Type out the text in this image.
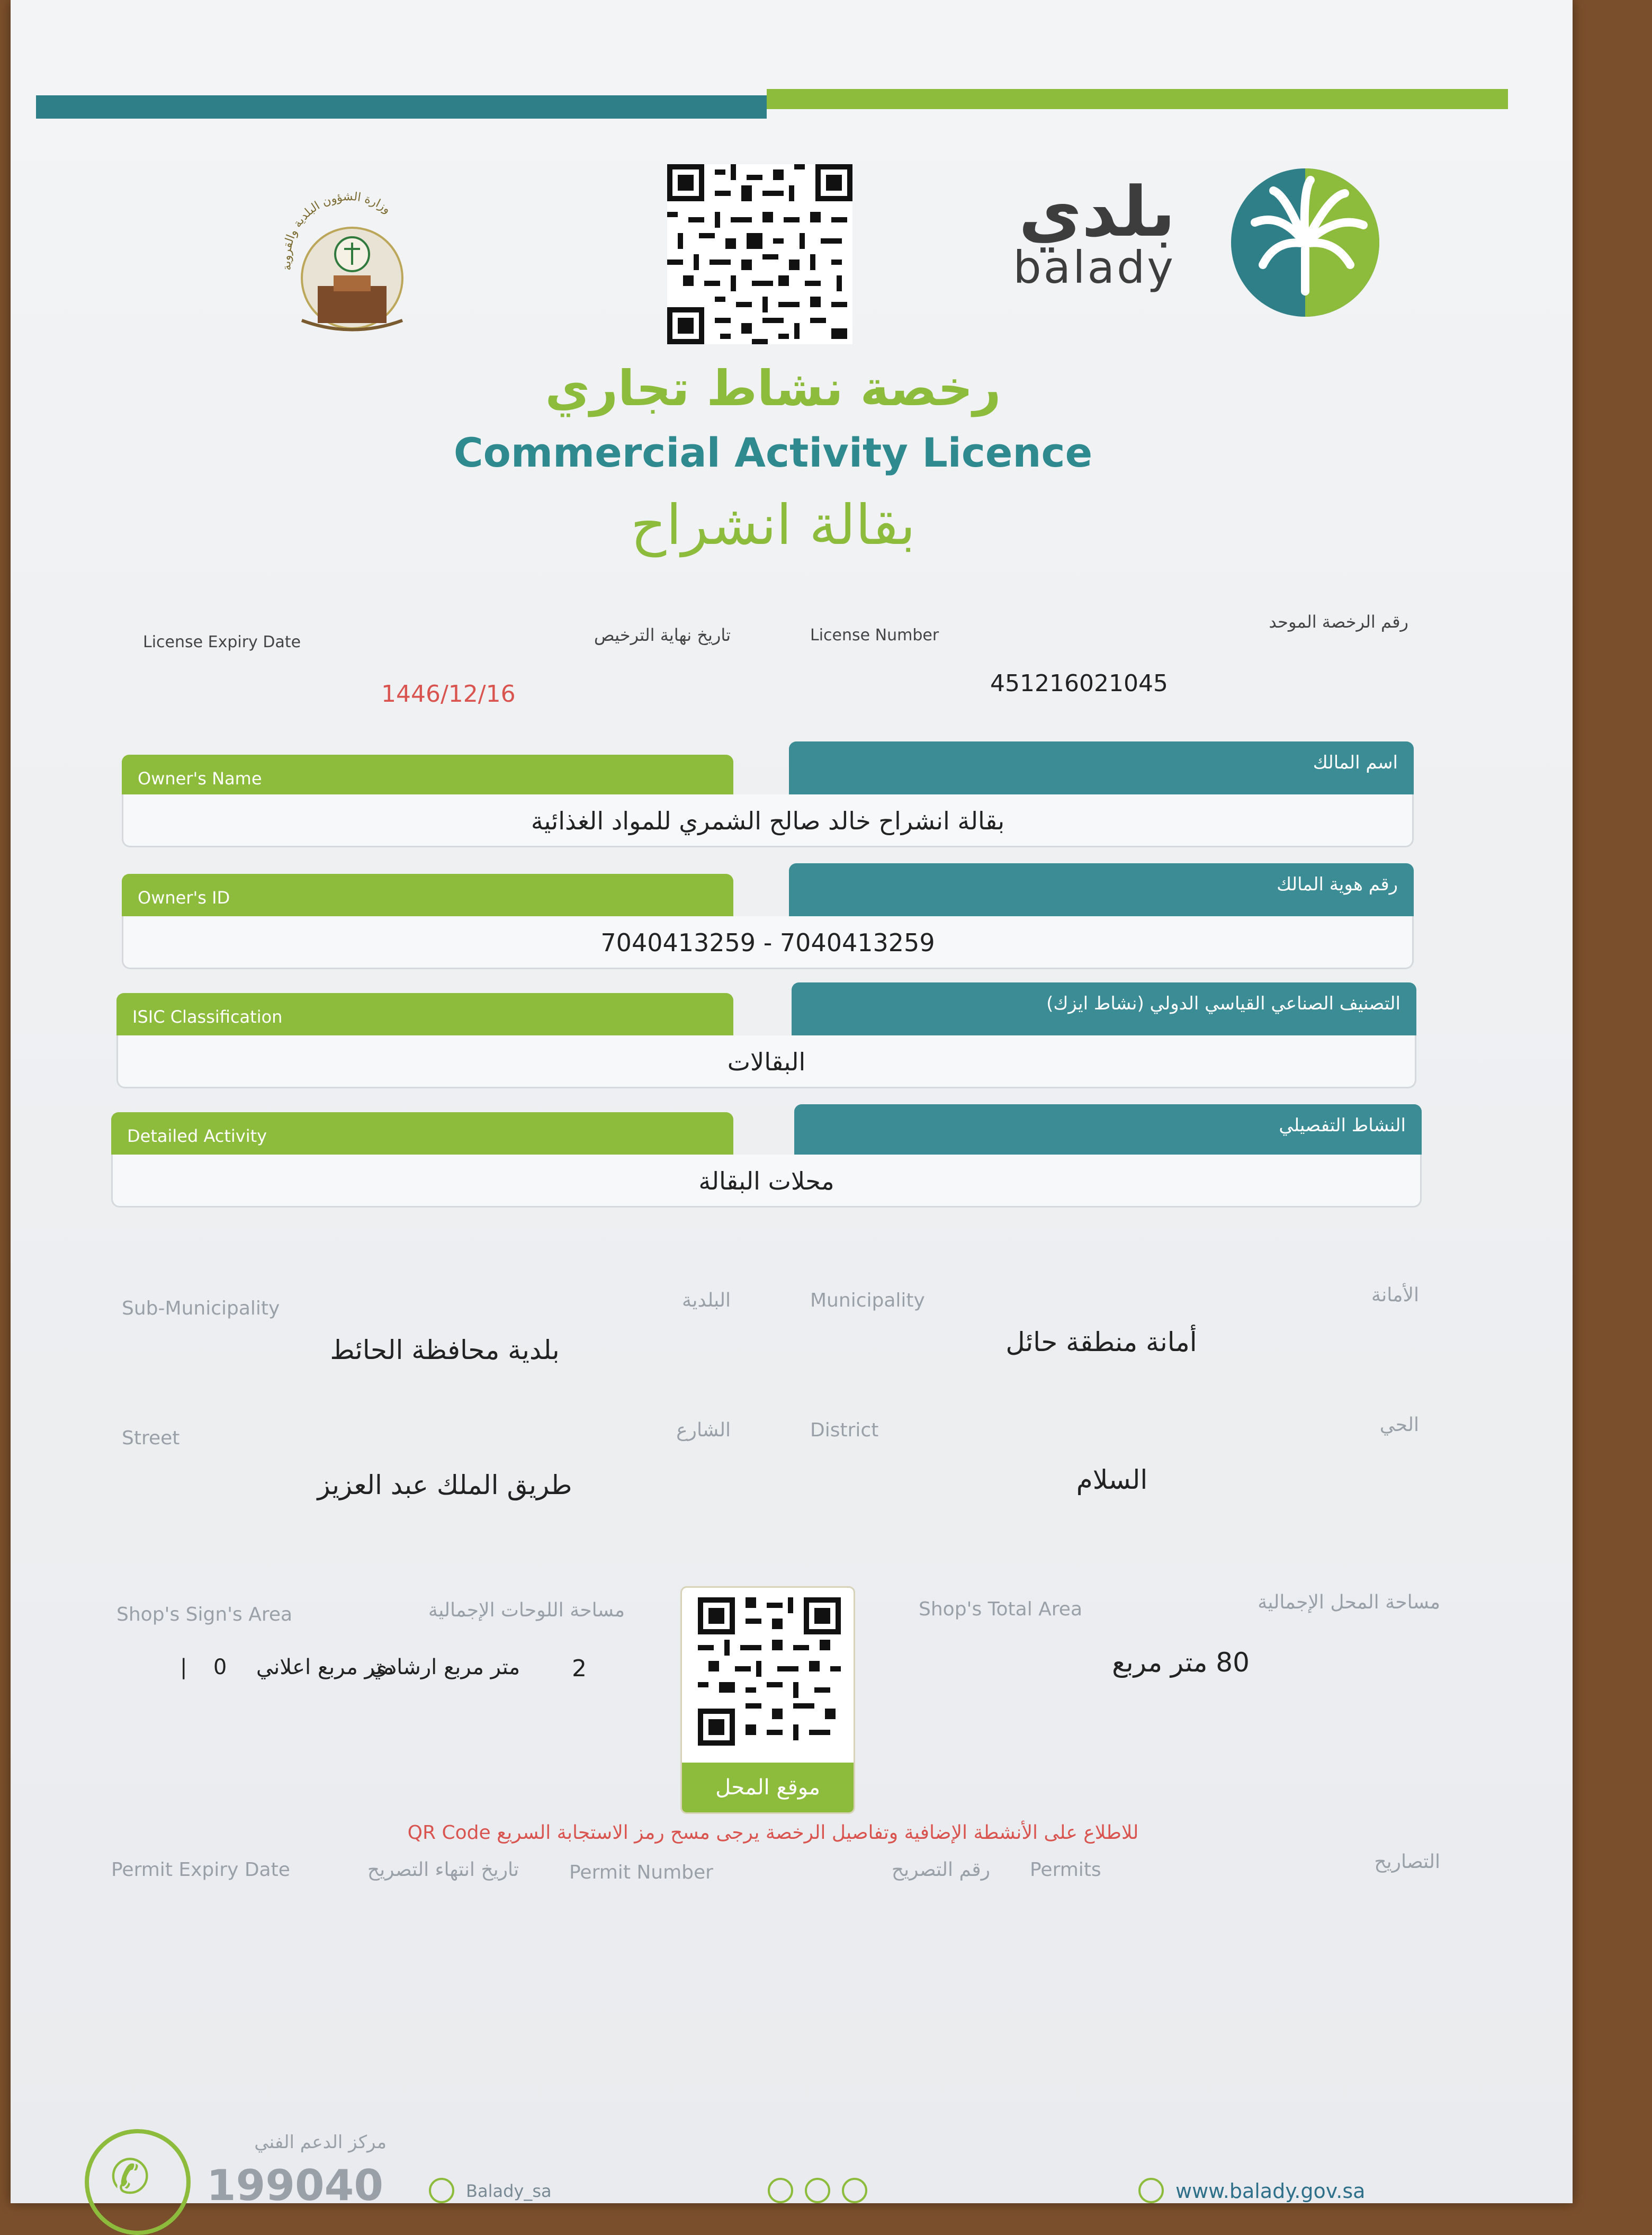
وزارة الشؤون البلدية والقروية	بلدي
balady
رخصة نشاط تجاري
Commercial Activity Licence
بقالة انشراح
License Expiry Date	تاريخ نهاية الترخيص
1446/12/16
License Number
رقم الرخصة الموحد
451216021045
Owner's Name
اسم المالك
بقالة انشراح خالد صالح الشمري للمواد الغذائية
Owner's ID
رقم هوية المالك
7040413259 - 7040413259
ISIC Classification
التصنيف الصناعي القياسي الدولي (نشاط ايزك)
البقالات
Detailed Activity	النشاط التفصيلي
محلات البقالة
Sub-Municipality	البلدية
بلدية محافظة الحائط
Municipality	الأمانة
أمانة منطقة حائل
Street	الشارع
طريق الملك عبد العزيز
District	الحي
السلام
Shop's Sign's Area	مساحة اللوحات الإجمالية
متر مربع اعلاني  0  |	متر مربع ارشادي 2
Shop's Total Area	مساحة المحل الإجمالية
80 متر مربع
موقع المحل
للاطلاع على الأنشطة الإضافية وتفاصيل الرخصة يرجى مسح رمز الاستجابة السريع QR Code
Permit Expiry Date	تاريخ انتهاء التصريح	Permit Number	رقم التصريح Permits	التصاريح
✆
مركز الدعم الفني
199040	Balady_sa	www.balady.gov.sa
